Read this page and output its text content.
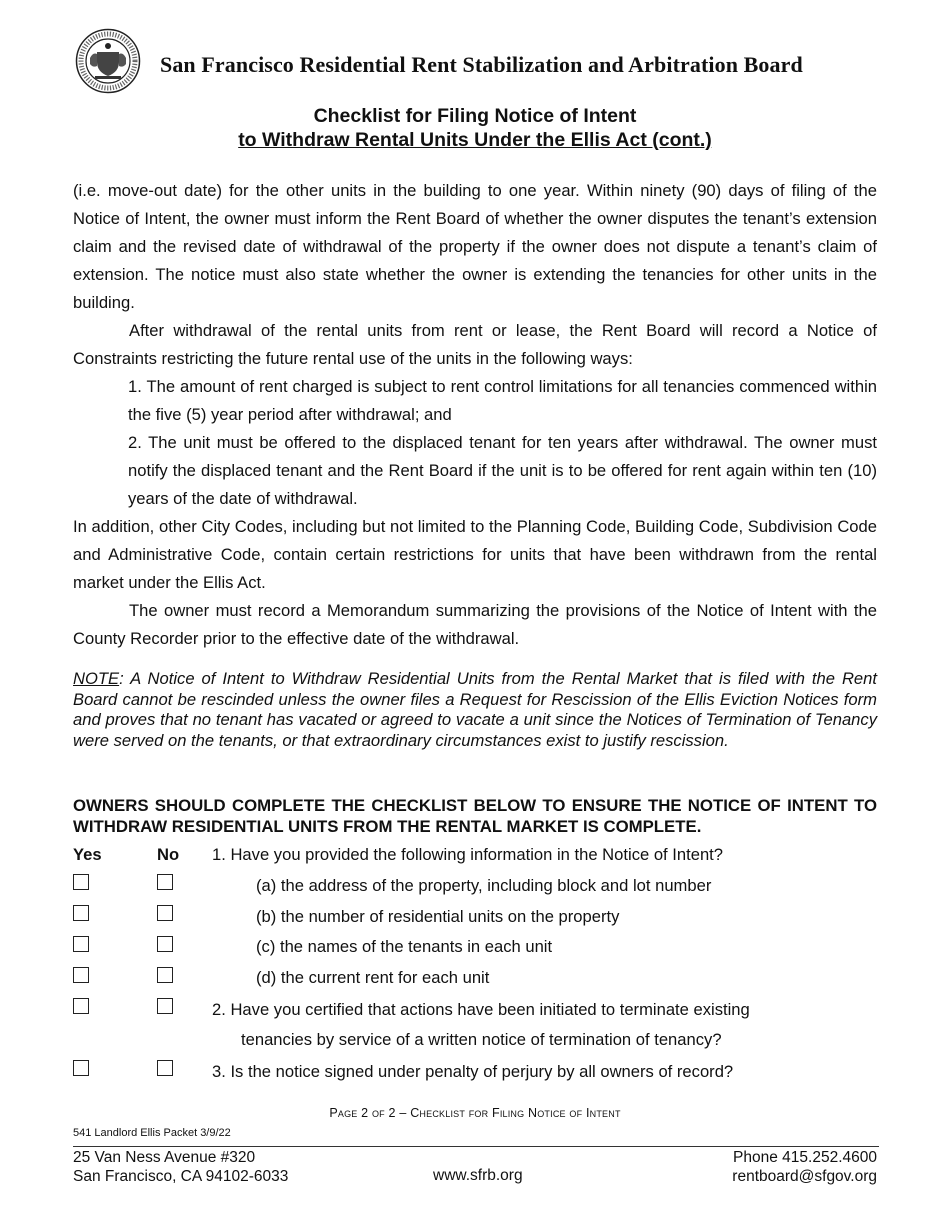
San Francisco Residential Rent Stabilization and Arbitration Board
Checklist for Filing Notice of Intent
to Withdraw Rental Units Under the Ellis Act (cont.)

(i.e. move-out date) for the other units in the building to one year. Within ninety (90) days of filing of the Notice of Intent, the owner must inform the Rent Board of whether the owner disputes the tenant’s extension claim and the revised date of withdrawal of the property if the owner does not dispute a tenant’s claim of extension. The notice must also state whether the owner is extending the tenancies for other units in the building.

After withdrawal of the rental units from rent or lease, the Rent Board will record a Notice of Constraints restricting the future rental use of the units in the following ways:

1. The amount of rent charged is subject to rent control limitations for all tenancies commenced within the five (5) year period after withdrawal; and

2. The unit must be offered to the displaced tenant for ten years after withdrawal. The owner must notify the displaced tenant and the Rent Board if the unit is to be offered for rent again within ten (10) years of the date of withdrawal.

In addition, other City Codes, including but not limited to the Planning Code, Building Code, Subdivision Code and Administrative Code, contain certain restrictions for units that have been withdrawn from the rental market under the Ellis Act.

The owner must record a Memorandum summarizing the provisions of the Notice of Intent with the County Recorder prior to the effective date of the withdrawal.

NOTE: A Notice of Intent to Withdraw Residential Units from the Rental Market that is filed with the Rent Board cannot be rescinded unless the owner files a Request for Rescission of the Ellis Eviction Notices form and proves that no tenant has vacated or agreed to vacate a unit since the Notices of Termination of Tenancy were served on the tenants, or that extraordinary circumstances exist to justify rescission.
OWNERS SHOULD COMPLETE THE CHECKLIST BELOW TO ENSURE THE NOTICE OF INTENT TO WITHDRAW RESIDENTIAL UNITS FROM THE RENTAL MARKET IS COMPLETE.
Yes	No 1. Have you provided the following information in the Notice of Intent?
(a) the address of the property, including block and lot number
(b) the number of residential units on the property
(c) the names of the tenants in each unit
(d) the current rent for each unit
2. Have you certified that actions have been initiated to terminate existing
tenancies by service of a written notice of termination of tenancy?
3. Is the notice signed under penalty of perjury by all owners of record?
Page 2 of 2 – Checklist for Filing Notice of Intent
541 Landlord Ellis Packet 3/9/22
25 Van Ness Avenue #320
San Francisco, CA 94102-6033	www.sfrb.org
Phone 415.252.4600
rentboard@sfgov.org
